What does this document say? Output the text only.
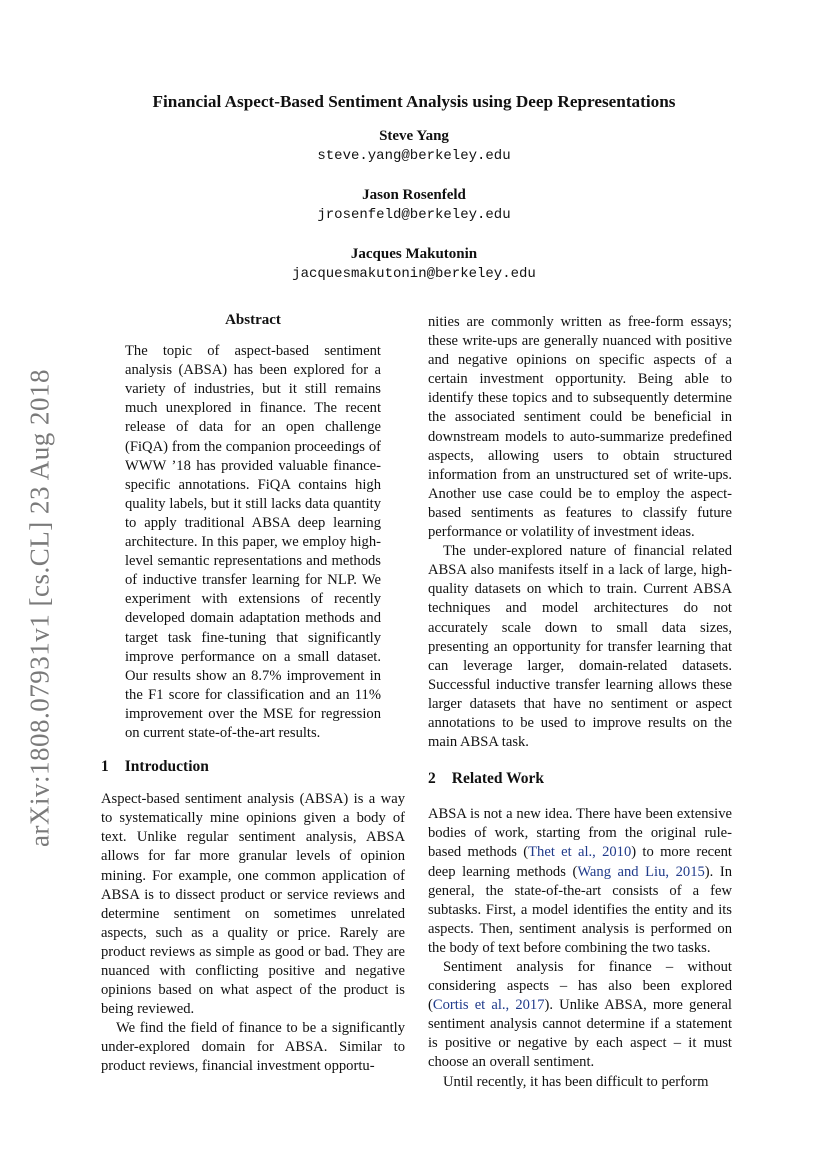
arXiv:1808.07931v1 [cs.CL] 23 Aug 2018
Financial Aspect-Based Sentiment Analysis using Deep Representations
Steve Yang
steve.yang@berkeley.edu
Jason Rosenfeld
jrosenfeld@berkeley.edu
Jacques Makutonin
jacquesmakutonin@berkeley.edu
Abstract

The topic of aspect-based sentiment analysis (ABSA) has been explored for a variety of industries, but it still remains much unexplored in finance. The recent release of data for an open challenge (FiQA) from the companion proceedings of WWW ’18 has provided valuable finance-specific annotations. FiQA contains high quality labels, but it still lacks data quantity to apply traditional ABSA deep learning architecture. In this paper, we employ high-level semantic representations and methods of inductive transfer learning for NLP. We experiment with extensions of recently developed domain adaptation methods and target task fine-tuning that significantly improve performance on a small dataset. Our results show an 8.7% improvement in the F1 score for classification and an 11% improvement over the MSE for regression on current state-of-the-art results.

1 Introduction

Aspect-based sentiment analysis (ABSA) is a way to systematically mine opinions given a body of text. Unlike regular sentiment analysis, ABSA allows for far more granular levels of opinion mining. For example, one common application of ABSA is to dissect product or service reviews and determine sentiment on sometimes unrelated aspects, such as a quality or price. Rarely are product reviews as simple as good or bad. They are nuanced with conflicting positive and negative opinions based on what aspect of the product is being reviewed.

We find the field of finance to be a significantly under-explored domain for ABSA. Similar to product reviews, financial investment opportu-

nities are commonly written as free-form essays; these write-ups are generally nuanced with positive and negative opinions on specific aspects of a certain investment opportunity. Being able to identify these topics and to subsequently determine the associated sentiment could be beneficial in downstream models to auto-summarize predefined aspects, allowing users to obtain structured information from an unstructured set of write-ups. Another use case could be to employ the aspect-based sentiments as features to classify future performance or volatility of investment ideas.

The under-explored nature of financial related ABSA also manifests itself in a lack of large, high-quality datasets on which to train. Current ABSA techniques and model architectures do not accurately scale down to small data sizes, presenting an opportunity for transfer learning that can leverage larger, domain-related datasets. Successful inductive transfer learning allows these larger datasets that have no sentiment or aspect annotations to be used to improve results on the main ABSA task.

2 Related Work

ABSA is not a new idea. There have been extensive bodies of work, starting from the original rule-based methods (Thet et al., 2010) to more recent deep learning methods (Wang and Liu, 2015). In general, the state-of-the-art consists of a few subtasks. First, a model identifies the entity and its aspects. Then, sentiment analysis is performed on the body of text before combining the two tasks.

Sentiment analysis for finance – without considering aspects – has also been explored (Cortis et al., 2017). Unlike ABSA, more general sentiment analysis cannot determine if a statement is positive or negative by each aspect – it must choose an overall sentiment.

Until recently, it has been difficult to perform
